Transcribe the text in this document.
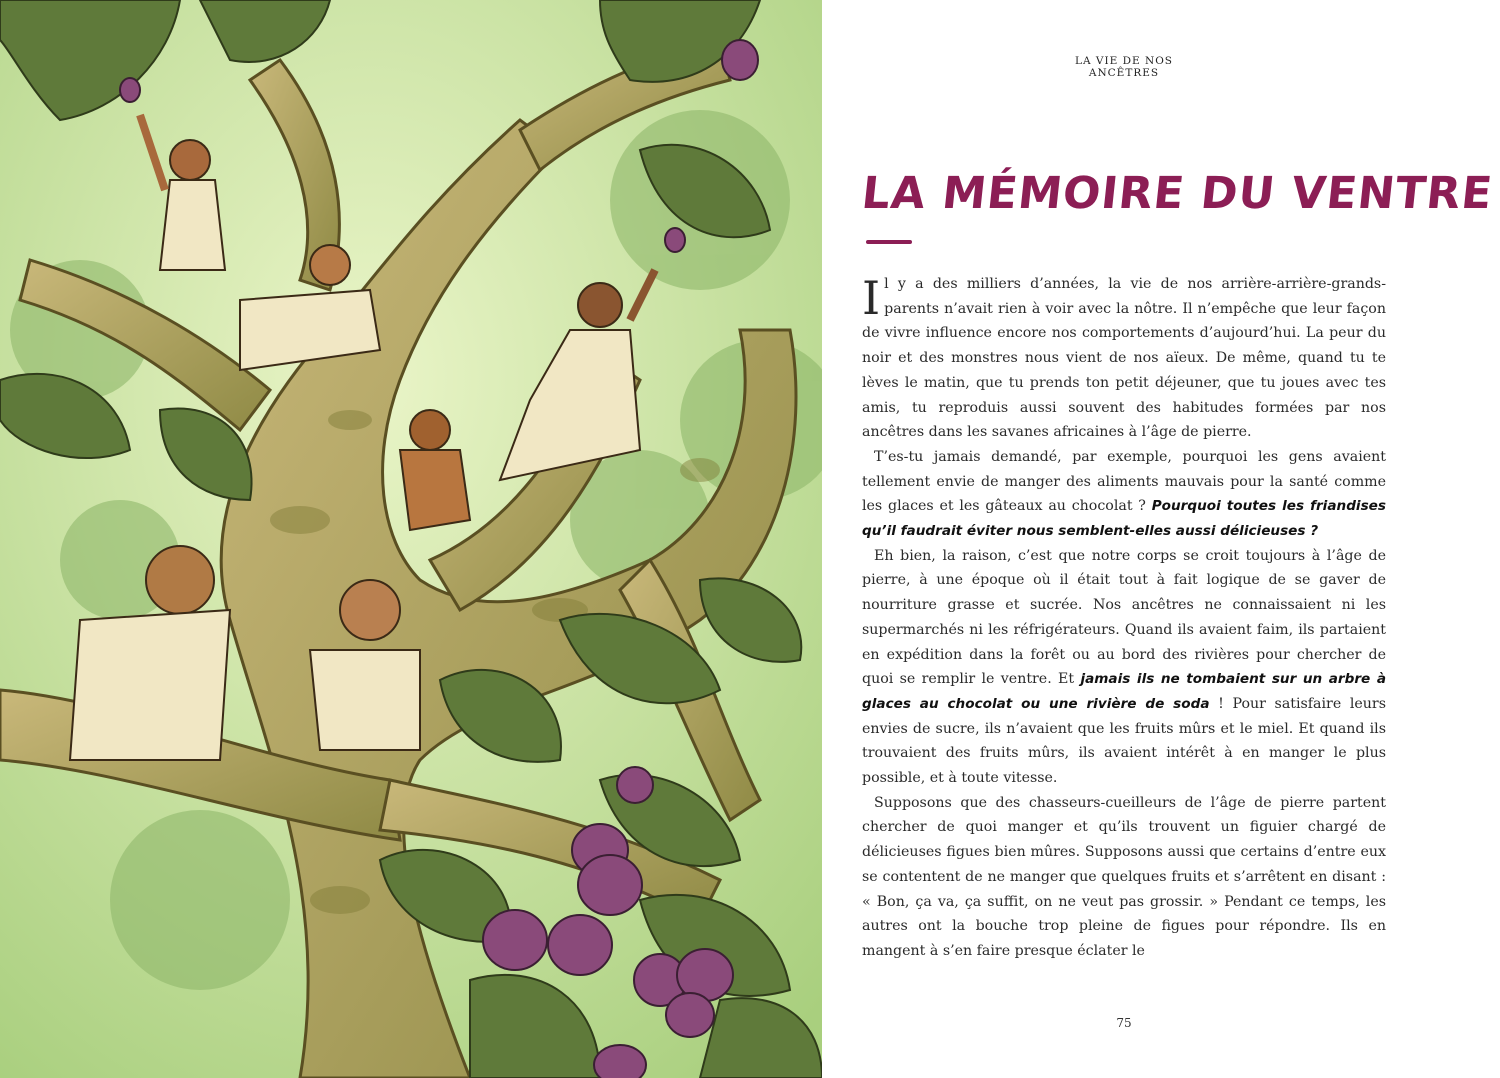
LA VIE DE NOS ANCÊTRES
LA MÉMOIRE DU VENTRE

Il y a des milliers d’années, la vie de nos arrière-arrière-grands-parents n’avait rien à voir avec la nôtre. Il n’empêche que leur façon de vivre influence encore nos comportements d’aujourd’hui. La peur du noir et des monstres nous vient de nos aïeux. De même, quand tu te lèves le matin, que tu prends ton petit déjeuner, que tu joues avec tes amis, tu reproduis aussi souvent des habitudes formées par nos ancêtres dans les savanes africaines à l’âge de pierre.

T’es-tu jamais demandé, par exemple, pourquoi les gens avaient tellement envie de manger des aliments mauvais pour la santé comme les glaces et les gâteaux au chocolat ? Pourquoi toutes les friandises qu’il faudrait éviter nous semblent-elles aussi délicieuses ?

Eh bien, la raison, c’est que notre corps se croit toujours à l’âge de pierre, à une époque où il était tout à fait logique de se gaver de nourriture grasse et sucrée. Nos ancêtres ne connaissaient ni les supermarchés ni les réfrigérateurs. Quand ils avaient faim, ils partaient en expédition dans la forêt ou au bord des rivières pour chercher de quoi se remplir le ventre. Et jamais ils ne tombaient sur un arbre à glaces au chocolat ou une rivière de soda ! Pour satisfaire leurs envies de sucre, ils n’avaient que les fruits mûrs et le miel. Et quand ils trouvaient des fruits mûrs, ils avaient intérêt à en manger le plus possible, et à toute vitesse.

Supposons que des chasseurs-cueilleurs de l’âge de pierre partent chercher de quoi manger et qu’ils trouvent un figuier chargé de délicieuses figues bien mûres. Supposons aussi que certains d’entre eux se contentent de ne manger que quelques fruits et s’arrêtent en disant : « Bon, ça va, ça suffit, on ne veut pas grossir. » Pendant ce temps, les autres ont la bouche trop pleine de figues pour répondre. Ils en mangent à s’en faire presque éclater le

75
